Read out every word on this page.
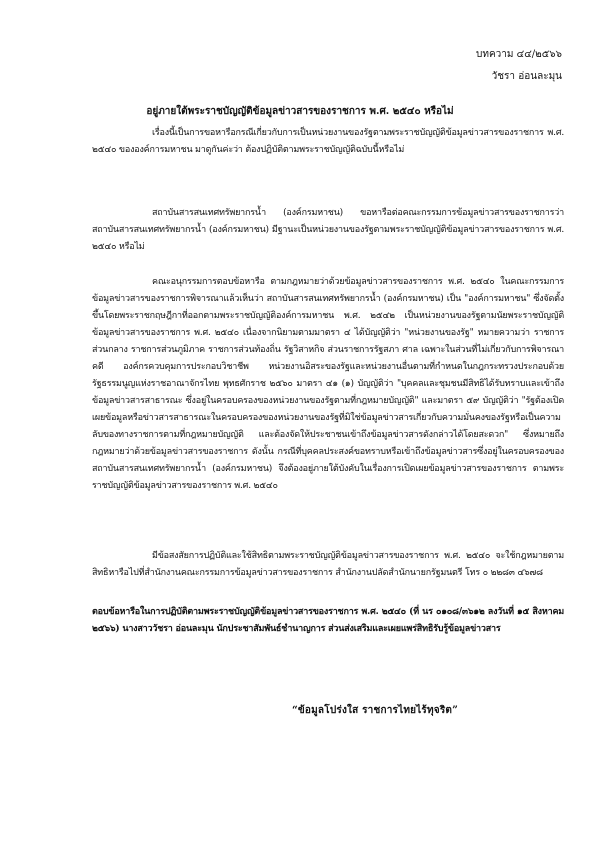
บทความ ๔๔/๒๕๖๖
วัชรา อ่อนละมุน
อยู่ภายใต้พระราชบัญญัติข้อมูลข่าวสารของราชการ พ.ศ. ๒๕๔๐ หรือไม่
เรื่องนี้เป็นการขอหารือกรณีเกี่ยวกับการเป็นหน่วยงานของรัฐตามพระราชบัญญัติข้อมูลข่าวสารของราชการ พ.ศ. ๒๕๔๐ ขององค์การมหาชน มาดูกันค่ะว่า ต้องปฏิบัติตามพระราชบัญญัติฉบับนี้หรือไม่
สถาบันสารสนเทศทรัพยากรน้ำ (องค์กรมหาชน) ขอหารือต่อคณะกรรมการข้อมูลข่าวสารของราชการว่า สถาบันสารสนเทศทรัพยากรน้ำ (องค์กรมหาชน) มีฐานะเป็นหน่วยงานของรัฐตามพระราชบัญญัติข้อมูลข่าวสารของราชการ พ.ศ. ๒๕๔๐ หรือไม่
คณะอนุกรรมการตอบข้อหารือ ตามกฎหมายว่าด้วยข้อมูลข่าวสารของราชการ พ.ศ. ๒๕๔๐ ในคณะกรรมการข้อมูลข่าวสารของราชการพิจารณาแล้วเห็นว่า สถาบันสารสนเทศทรัพยากรน้ำ (องค์กรมหาชน) เป็น "องค์การมหาชน" ซึ่งจัดตั้งขึ้นโดยพระราชกฤษฎีกาที่ออกตามพระราชบัญญัติองค์การมหาชน พ.ศ. ๒๕๔๒ เป็นหน่วยงานของรัฐตามนัยพระราชบัญญัติข้อมูลข่าวสารของราชการ พ.ศ. ๒๕๔๐ เนื่องจากนิยามตามมาตรา ๔ ได้บัญญัติว่า "หน่วยงานของรัฐ" หมายความว่า ราชการส่วนกลาง ราชการส่วนภูมิภาค ราชการส่วนท้องถิ่น รัฐวิสาหกิจ ส่วนราชการรัฐสภา ศาล เฉพาะในส่วนที่ไม่เกี่ยวกับการพิจารณาคดี องค์กรควบคุมการประกอบวิชาชีพ หน่วยงานอิสระของรัฐและหน่วยงานอื่นตามที่กำหนดในกฎกระทรวงประกอบด้วยรัฐธรรมนูญแห่งราชอาณาจักรไทย พุทธศักราช ๒๕๖๐ มาตรา ๔๑ (๑) บัญญัติว่า "บุคคลและชุมชนมีสิทธิได้รับทราบและเข้าถึงข้อมูลข่าวสารสาธารณะ ซึ่งอยู่ในครอบครองของหน่วยงานของรัฐตามที่กฎหมายบัญญัติ" และมาตรา ๕๙ บัญญัติว่า "รัฐต้องเปิดเผยข้อมูลหรือข่าวสารสาธารณะในครอบครองของหน่วยงานของรัฐที่มิใช่ข้อมูลข่าวสารเกี่ยวกับความมั่นคงของรัฐหรือเป็นความลับของทางราชการตามที่กฎหมายบัญญัติ และต้องจัดให้ประชาชนเข้าถึงข้อมูลข่าวสารดังกล่าวได้โดยสะดวก" ซึ่งหมายถึง กฎหมายว่าด้วยข้อมูลข่าวสารของราชการ ดังนั้น กรณีที่บุคคลประสงค์ขอทราบหรือเข้าถึงข้อมูลข่าวสารซึ่งอยู่ในครอบครองของสถาบันสารสนเทศทรัพยากรน้ำ (องค์กรมหาชน) จึงต้องอยู่ภายใต้บังคับในเรื่องการเปิดเผยข้อมูลข่าวสารของราชการ ตามพระราชบัญญัติข้อมูลข่าวสารของราชการ พ.ศ. ๒๕๔๐
มีข้อสงสัยการปฏิบัติและใช้สิทธิตามพระราชบัญญัติข้อมูลข่าวสารของราชการ พ.ศ. ๒๕๔๐ จะใช้กฎหมายตามสิทธิหารือไปที่สำนักงานคณะกรรมการข้อมูลข่าวสารของราชการ สำนักงานปลัดสำนักนายกรัฐมนตรี โทร ๐ ๒๒๘๓ ๔๖๗๘
ตอบข้อหารือในการปฏิบัติตามพระราชบัญญัติข้อมูลข่าวสารของราชการ พ.ศ. ๒๕๔๐ (ที่ นร ๐๑๐๘/๓๖๑๒ ลงวันที่ ๑๕ สิงหาคม ๒๕๖๖) นางสาววัชรา อ่อนละมุน นักประชาสัมพันธ์ชำนาญการ ส่วนส่งเสริมและเผยแพร่สิทธิรับรู้ข้อมูลข่าวสาร
“ข้อมูลโปร่งใส ราชการไทยไร้ทุจริต”
